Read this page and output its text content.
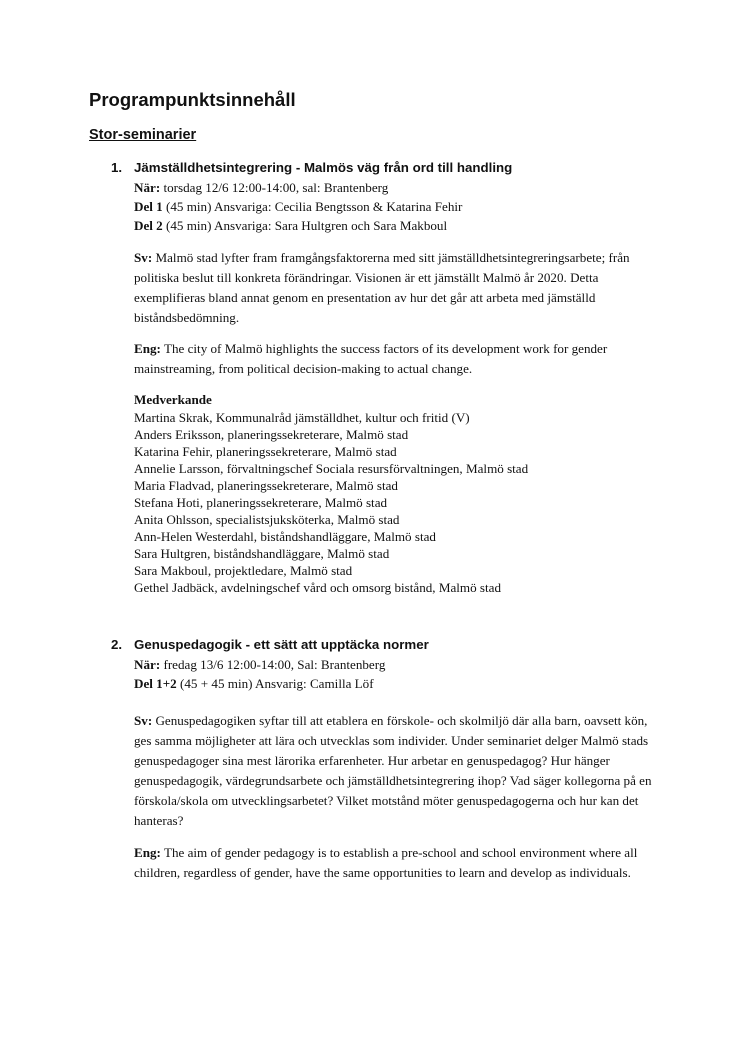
Programpunktsinnehåll
Stor-seminarier
1. Jämställdhetsintegrering - Malmös väg från ord till handling
När: torsdag 12/6 12:00-14:00, sal: Brantenberg
Del 1 (45 min) Ansvariga: Cecilia Bengtsson & Katarina Fehir
Del 2 (45 min) Ansvariga: Sara Hultgren och Sara Makboul
Sv: Malmö stad lyfter fram framgångsfaktorerna med sitt jämställdhetsintegreringsarbete; från politiska beslut till konkreta förändringar. Visionen är ett jämställt Malmö år 2020. Detta exemplifieras bland annat genom en presentation av hur det går att arbeta med jämställd biståndsbedömning.
Eng: The city of Malmö highlights the success factors of its development work for gender mainstreaming, from political decision-making to actual change.
Medverkande
Martina Skrak, Kommunalråd jämställdhet, kultur och fritid (V)
Anders Eriksson, planeringssekreterare, Malmö stad
Katarina Fehir, planeringssekreterare, Malmö stad
Annelie Larsson, förvaltningschef Sociala resursförvaltningen, Malmö stad
Maria Fladvad, planeringssekreterare, Malmö stad
Stefana Hoti, planeringssekreterare, Malmö stad
Anita Ohlsson, specialistsjuksköterka, Malmö stad
Ann-Helen Westerdahl, biståndshandläggare, Malmö stad
Sara Hultgren, biståndshandläggare, Malmö stad
Sara Makboul, projektledare, Malmö stad
Gethel Jadbäck, avdelningschef vård och omsorg bistånd, Malmö stad
2. Genuspedagogik - ett sätt att upptäcka normer
När: fredag 13/6 12:00-14:00, Sal: Brantenberg
Del 1+2 (45 + 45 min) Ansvarig: Camilla Löf
Sv: Genuspedagogiken syftar till att etablera en förskole- och skolmiljö där alla barn, oavsett kön, ges samma möjligheter att lära och utvecklas som individer. Under seminariet delger Malmö stads genuspedagoger sina mest lärorika erfarenheter. Hur arbetar en genuspedagog? Hur hänger genuspedagogik, värdegrundsarbete och jämställdhetsintegrering ihop? Vad säger kollegorna på en förskola/skola om utvecklingsarbetet? Vilket motstånd möter genuspedagogerna och hur kan det hanteras?
Eng: The aim of gender pedagogy is to establish a pre-school and school environment where all children, regardless of gender, have the same opportunities to learn and develop as individuals.
